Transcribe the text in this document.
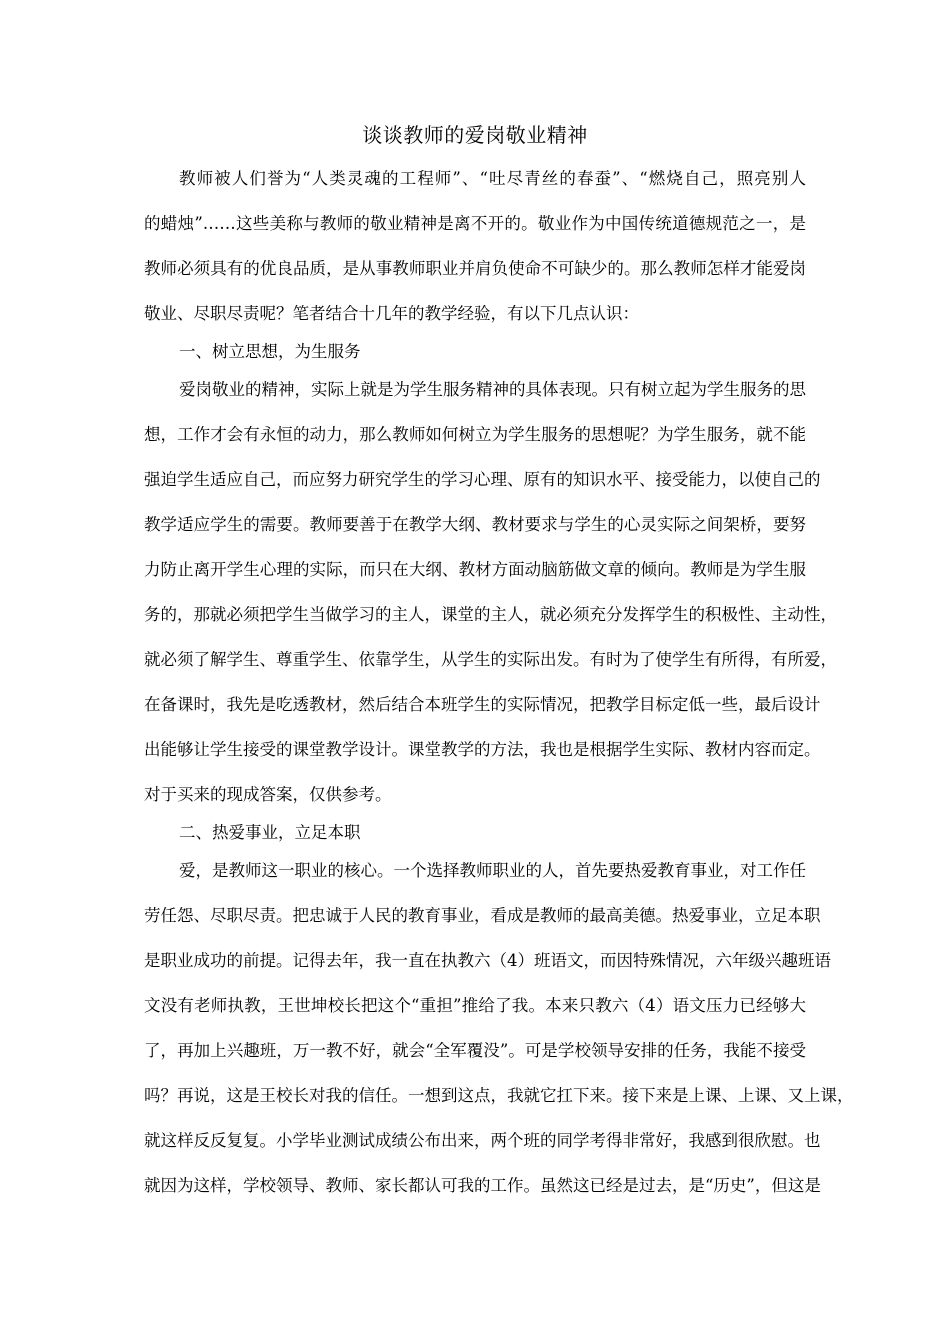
谈谈教师的爱岗敬业精神
教师被人们誉为“人类灵魂的工程师”、“吐尽青丝的春蚕”、“燃烧自己，照亮别人
的蜡烛”……这些美称与教师的敬业精神是离不开的。敬业作为中国传统道德规范之一，是
教师必须具有的优良品质，是从事教师职业并肩负使命不可缺少的。那么教师怎样才能爱岗
敬业、尽职尽责呢？笔者结合十几年的教学经验，有以下几点认识：
一、树立思想，为生服务
爱岗敬业的精神，实际上就是为学生服务精神的具体表现。只有树立起为学生服务的思
想，工作才会有永恒的动力，那么教师如何树立为学生服务的思想呢？为学生服务，就不能
强迫学生适应自己，而应努力研究学生的学习心理、原有的知识水平、接受能力，以使自己的
教学适应学生的需要。教师要善于在教学大纲、教材要求与学生的心灵实际之间架桥，要努
力防止离开学生心理的实际，而只在大纲、教材方面动脑筋做文章的倾向。教师是为学生服
务的，那就必须把学生当做学习的主人，课堂的主人，就必须充分发挥学生的积极性、主动性，
就必须了解学生、尊重学生、依靠学生，从学生的实际出发。有时为了使学生有所得，有所爱，
在备课时，我先是吃透教材，然后结合本班学生的实际情况，把教学目标定低一些，最后设计
出能够让学生接受的课堂教学设计。课堂教学的方法，我也是根据学生实际、教材内容而定。
对于买来的现成答案，仅供参考。
二、热爱事业，立足本职
爱，是教师这一职业的核心。一个选择教师职业的人，首先要热爱教育事业，对工作任
劳任怨、尽职尽责。把忠诚于人民的教育事业，看成是教师的最高美德。热爱事业，立足本职
是职业成功的前提。记得去年，我一直在执教六（4）班语文，而因特殊情况，六年级兴趣班语
文没有老师执教，王世坤校长把这个“重担”推给了我。本来只教六（4）语文压力已经够大
了，再加上兴趣班，万一教不好，就会“全军覆没”。可是学校领导安排的任务，我能不接受
吗？再说，这是王校长对我的信任。一想到这点，我就它扛下来。接下来是上课、上课、又上课，
就这样反反复复。小学毕业测试成绩公布出来，两个班的同学考得非常好，我感到很欣慰。也
就因为这样，学校领导、教师、家长都认可我的工作。虽然这已经是过去，是“历史”，但这是
